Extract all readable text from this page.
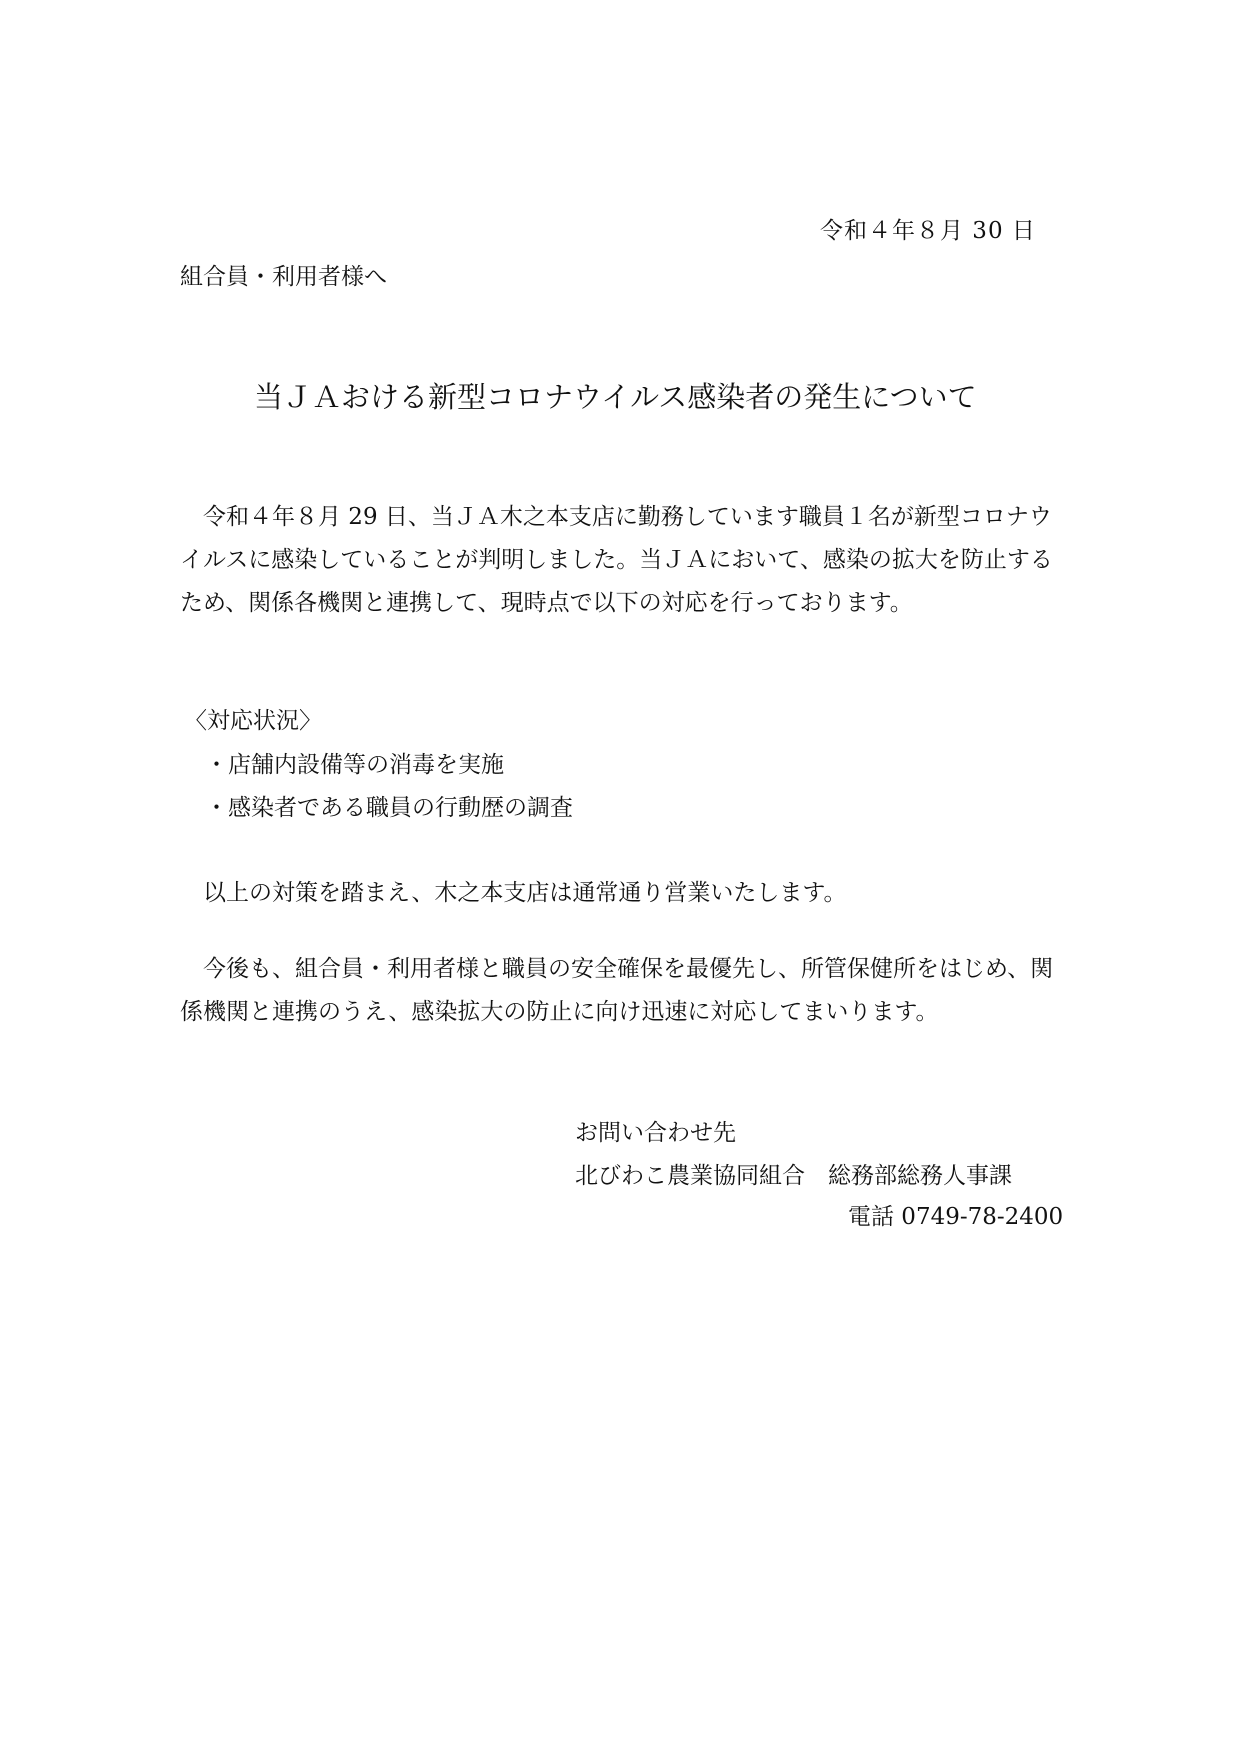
令和４年８月 30 日
組合員・利用者様へ
当ＪＡおける新型コロナウイルス感染者の発生について

令和４年８月 29 日、当ＪＡ木之本支店に勤務しています職員１名が新型コロナウイルスに感染していることが判明しました。当ＪＡにおいて、感染の拡大を防止するため、関係各機関と連携して、現時点で以下の対応を行っております。

〈対応状況〉
・店舗内設備等の消毒を実施
・感染者である職員の行動歴の調査

以上の対策を踏まえ、木之本支店は通常通り営業いたします。

今後も、組合員・利用者様と職員の安全確保を最優先し、所管保健所をはじめ、関係機関と連携のうえ、感染拡大の防止に向け迅速に対応してまいります。

お問い合わせ先
北びわこ農業協同組合　総務部総務人事課
電話 0749-78-2400
